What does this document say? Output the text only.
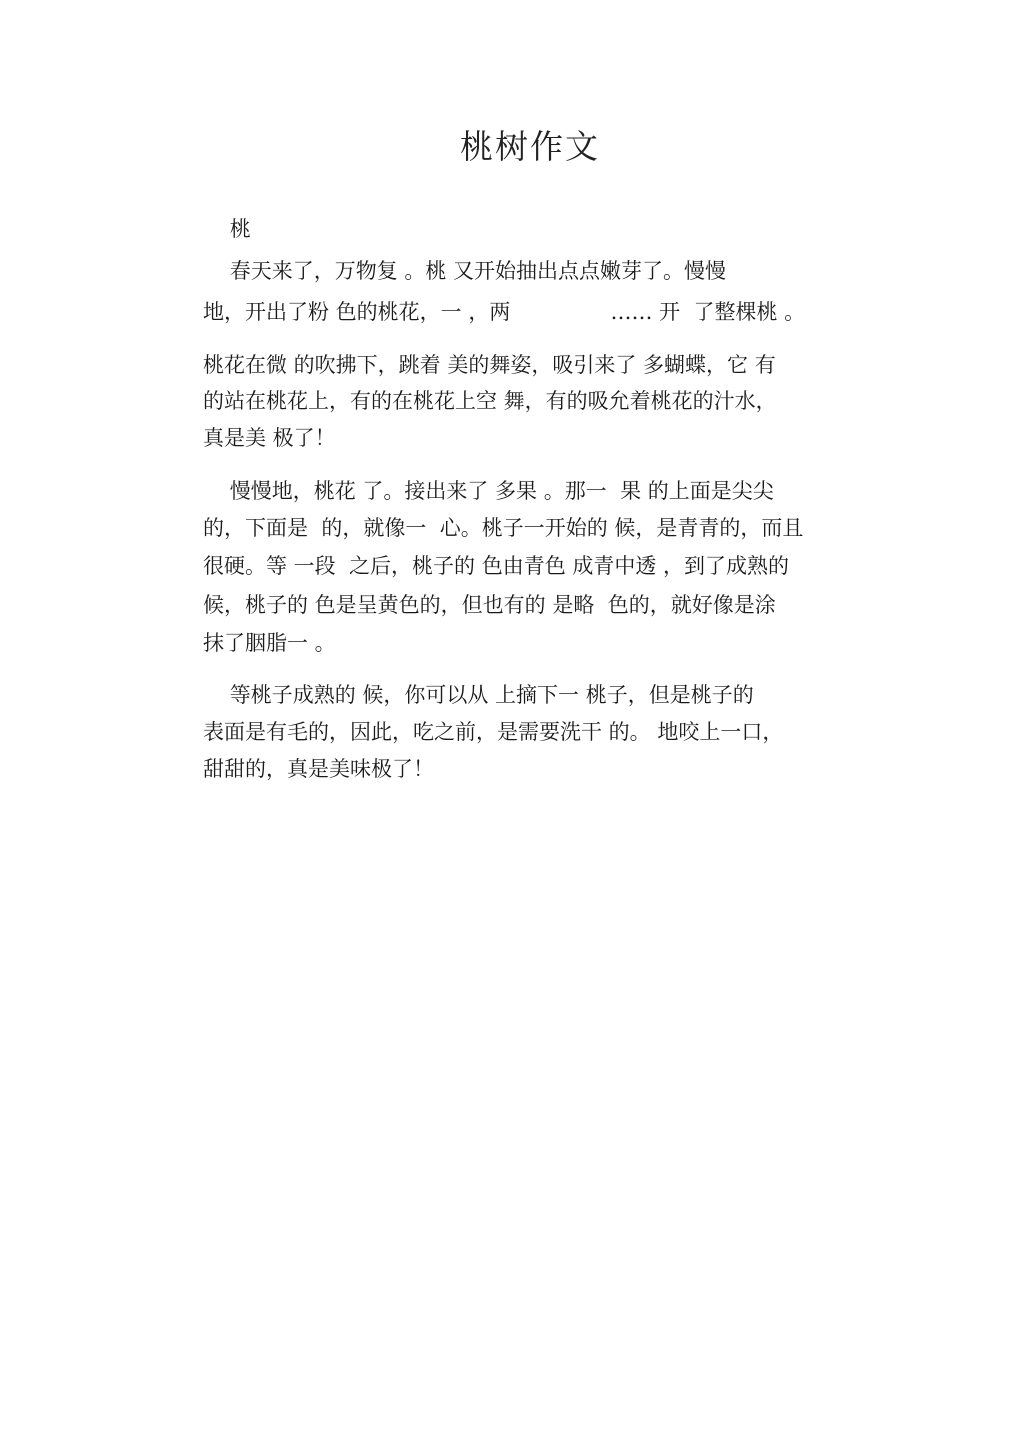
桃树作文
桃
春天来了，万物复 。桃 又开始抽出点点嫩芽了。慢慢
地，开出了粉 色的桃花，一 ，两               …… 开  了整棵桃 。
桃花在微 的吹拂下，跳着 美的舞姿，吸引来了 多蝴蝶，它 有
的站在桃花上，有的在桃花上空 舞，有的吸允着桃花的汁水，
真是美 极了！
慢慢地，桃花 了。接出来了 多果 。那一  果 的上面是尖尖
的，下面是  的，就像一  心。桃子一开始的 候，是青青的，而且
很硬。等 一段  之后，桃子的 色由青色 成青中透 ，到了成熟的
候，桃子的 色是呈黄色的，但也有的 是略  色的，就好像是涂
抹了胭脂一 。
等桃子成熟的 候，你可以从 上摘下一 桃子，但是桃子的
表面是有毛的，因此，吃之前，是需要洗干 的。 地咬上一口，
甜甜的，真是美味极了！
